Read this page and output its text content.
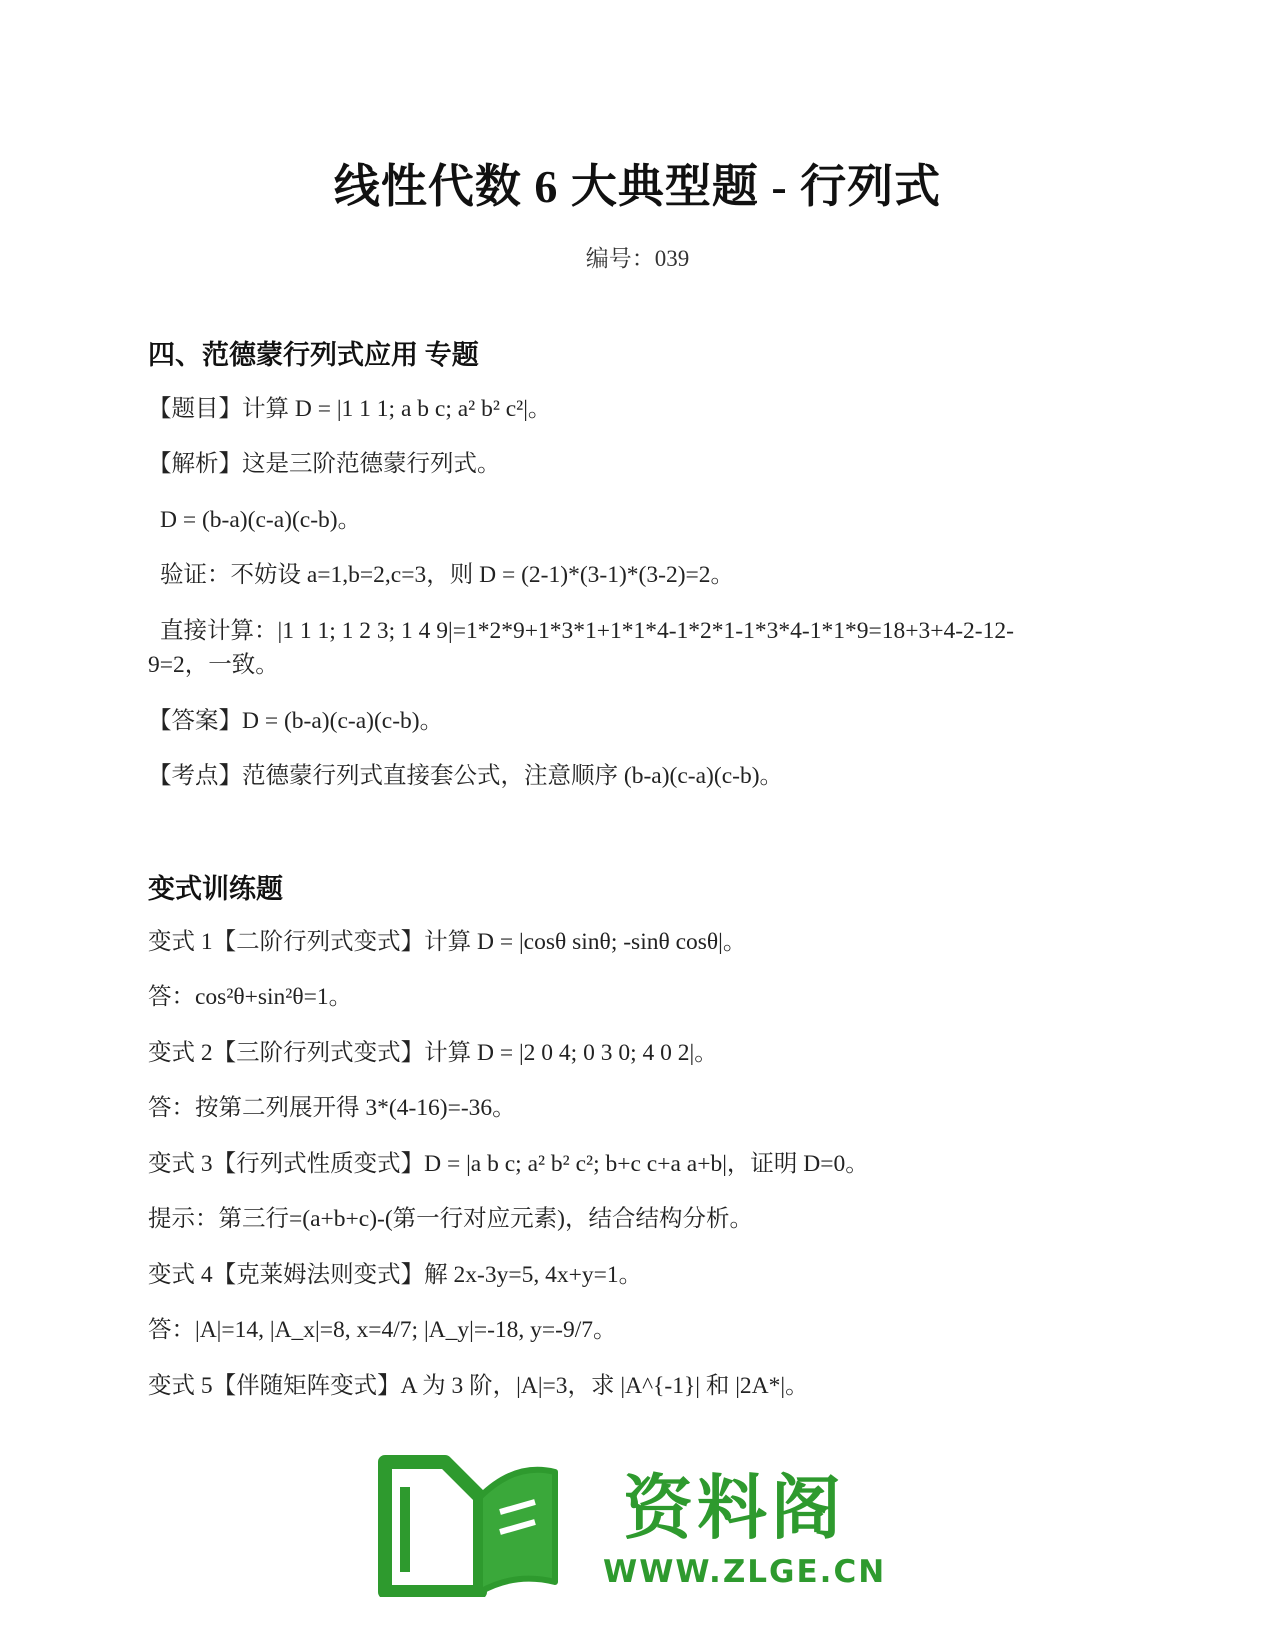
线性代数 6 大典型题 - 行列式
编号：039
四、范德蒙行列式应用 专题
【题目】计算 D = |1 1 1; a b c; a² b² c²|。
【解析】这是三阶范德蒙行列式。
D = (b-a)(c-a)(c-b)。
验证：不妨设 a=1,b=2,c=3，则 D = (2-1)*(3-1)*(3-2)=2。
直接计算：|1 1 1; 1 2 3; 1 4 9|=1*2*9+1*3*1+1*1*4-1*2*1-1*3*4-1*1*9=18+3+4-2-12-
9=2，一致。
【答案】D = (b-a)(c-a)(c-b)。
【考点】范德蒙行列式直接套公式，注意顺序 (b-a)(c-a)(c-b)。
变式训练题
变式 1【二阶行列式变式】计算 D = |cosθ sinθ; -sinθ cosθ|。
答：cos²θ+sin²θ=1。
变式 2【三阶行列式变式】计算 D = |2 0 4; 0 3 0; 4 0 2|。
答：按第二列展开得 3*(4-16)=-36。
变式 3【行列式性质变式】D = |a b c; a² b² c²; b+c c+a a+b|，证明 D=0。
提示：第三行=(a+b+c)-(第一行对应元素)，结合结构分析。
变式 4【克莱姆法则变式】解 2x-3y=5, 4x+y=1。
答：|A|=14, |A_x|=8, x=4/7; |A_y|=-18, y=-9/7。
变式 5【伴随矩阵变式】A 为 3 阶，|A|=3，求 |A^{-1}| 和 |2A*|。
资料阁
WWW.ZLGE.CN
